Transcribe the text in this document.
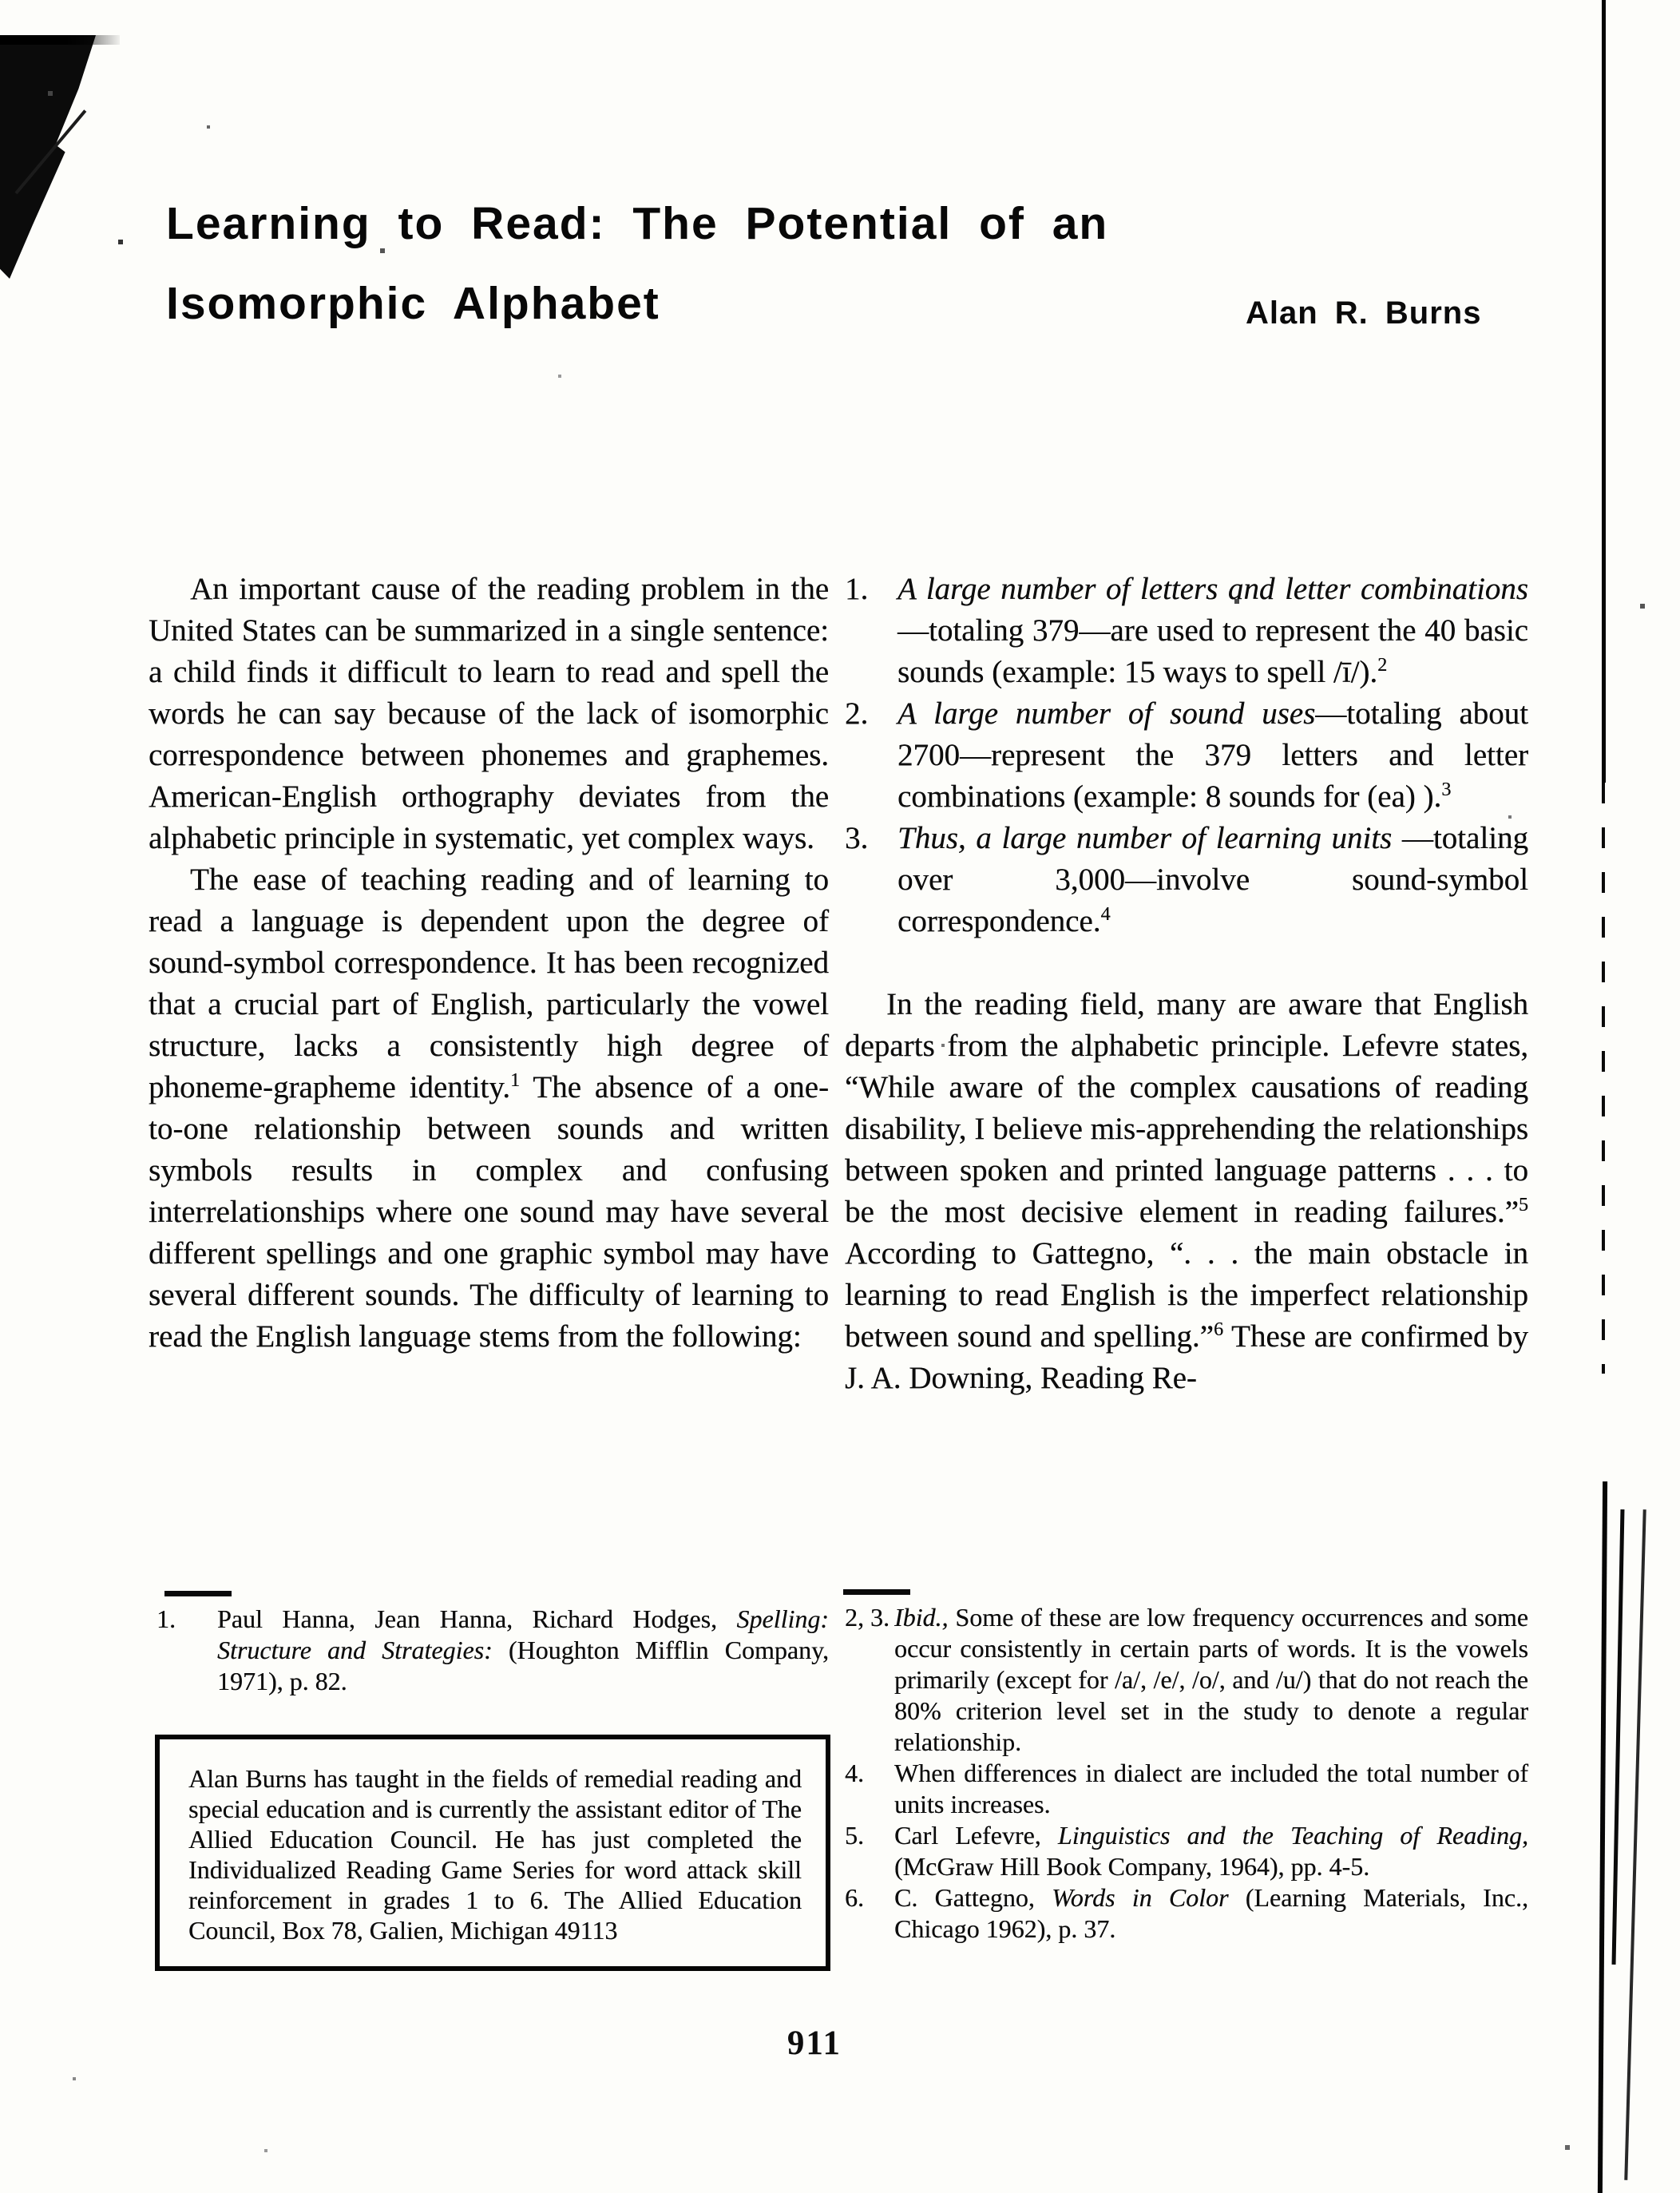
Learning to Read: The Potential of an
Isomorphic Alphabet	Alan R. Burns

An important cause of the reading problem in the United States can be summarized in a single sentence: a child finds it difficult to learn to read and spell the words he can say because of the lack of isomorphic correspondence between phonemes and graphemes. American-English orthography deviates from the alphabetic principle in systematic, yet complex ways.

The ease of teaching reading and of learning to read a language is dependent upon the degree of sound-symbol correspondence. It has been recognized that a crucial part of English, particularly the vowel structure, lacks a consistently high degree of phoneme-grapheme identity.$^1$ The absence of a one-to-one relationship between sounds and written symbols results in complex and confusing interrelationships where one sound may have several different spellings and one graphic symbol may have several different sounds. The difficulty of learning to read the English language stems from the following:

1. A large number of letters and letter combinations—totaling 379—are used to represent the 40 basic sounds (example: 15 ways to spell /ī/).$^2$
2. A large number of sound uses—totaling about 2700—represent the 379 letters and letter combinations (example: 8 sounds for (ea) ).$^3$
3. Thus, a large number of learning units —totaling over 3,000—involve sound-symbol correspondence.$^4$

In the reading field, many are aware that English departs from the alphabetic principle. Lefevre states, “While aware of the complex causations of reading disability, I believe mis-apprehending the relationships between spoken and printed language patterns . . . to be the most decisive element in reading failures.”$^5$ According to Gattegno, “. . . the main obstacle in learning to read English is the imperfect relationship between sound and spelling.”$^6$ These are confirmed by J. A. Downing, Reading Re-

1. Paul Hanna, Jean Hanna, Richard Hodges, Spelling: Structure and Strategies: (Houghton Mifflin Company, 1971), p. 82.
Alan Burns has taught in the fields of remedial reading and special education and is currently the assistant editor of The Allied Education Council. He has just completed the Individualized Reading Game Series for word attack skill reinforcement in grades 1 to 6. The Allied Education Council, Box 78, Galien, Michigan 49113
2, 3. Ibid., Some of these are low frequency occurrences and some occur consistently in certain parts of words. It is the vowels primarily (except for /a/, /e/, /o/, and /u/) that do not reach the 80% criterion level set in the study to denote a regular relationship.
4. When differences in dialect are included the total number of units increases.
5. Carl Lefevre, Linguistics and the Teaching of Reading, (McGraw Hill Book Company, 1964), pp. 4-5.
6. C. Gattegno, Words in Color (Learning Materials, Inc., Chicago 1962), p. 37.
911
